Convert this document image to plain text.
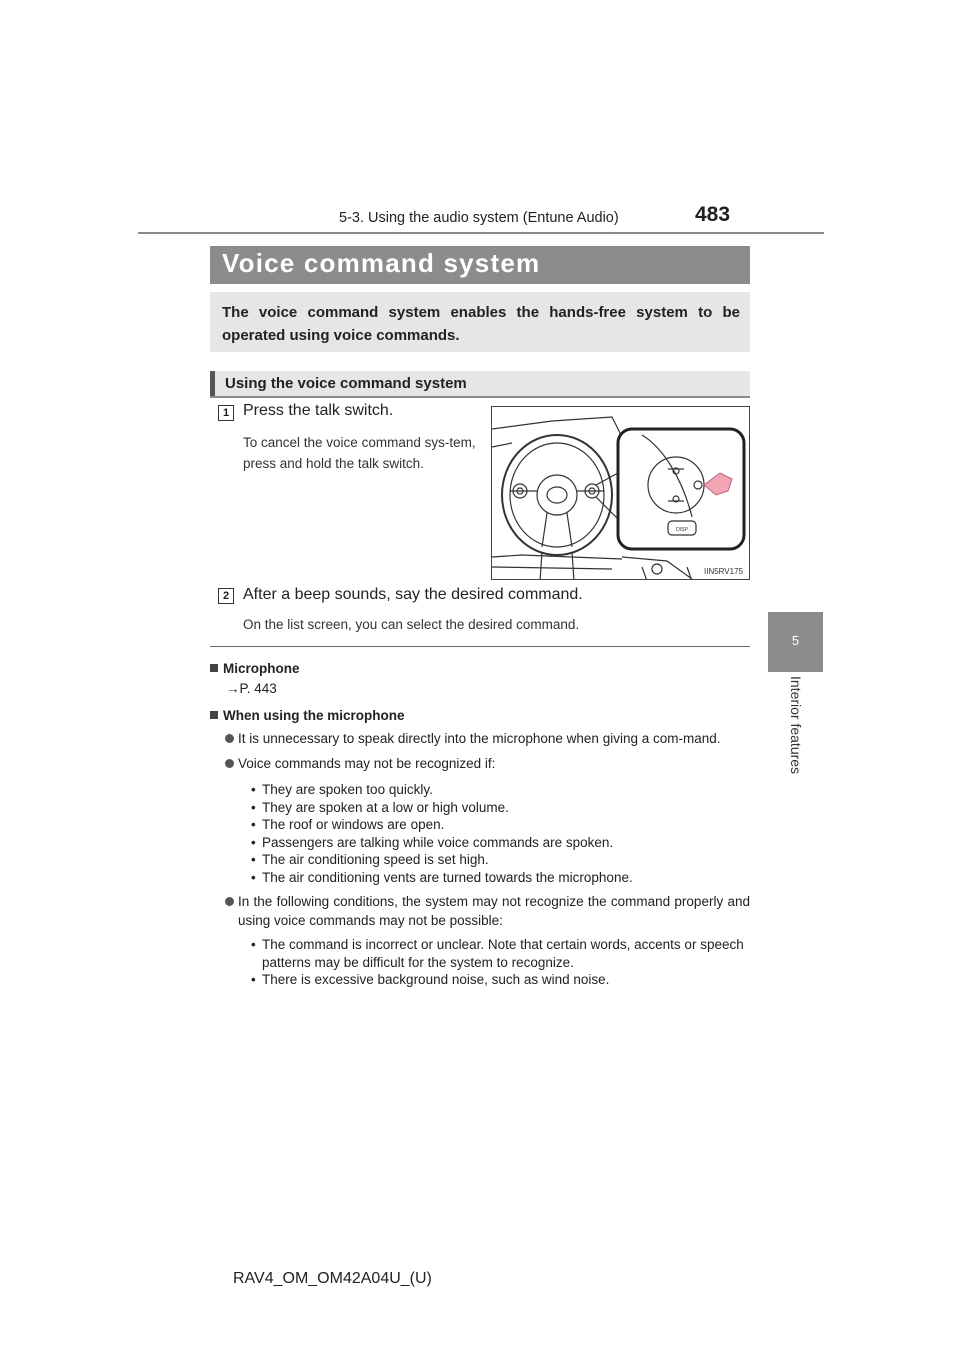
5-3. Using the audio system (Entune Audio)	483
5
Interior features
Voice command system
The voice command system enables the hands-free system to be operated using voice commands.
Using the voice command system
1 Press the talk switch.
To cancel the voice command sys-tem, press and hold the talk switch.
DISP
IIN5RV175
2 After a beep sounds, say the desired command.
On the list screen, you can select the desired command.
Microphone
→P. 443
When using the microphone
It is unnecessary to speak directly into the microphone when giving a com-mand.
Voice commands may not be recognized if:
• They are spoken too quickly.
• They are spoken at a low or high volume.
• The roof or windows are open.
• Passengers are talking while voice commands are spoken.
• The air conditioning speed is set high.
• The air conditioning vents are turned towards the microphone.
In the following conditions, the system may not recognize the command properly and using voice commands may not be possible:
• The command is incorrect or unclear. Note that certain words, accents or speech patterns may be difficult for the system to recognize.
• There is excessive background noise, such as wind noise.
RAV4_OM_OM42A04U_(U)
